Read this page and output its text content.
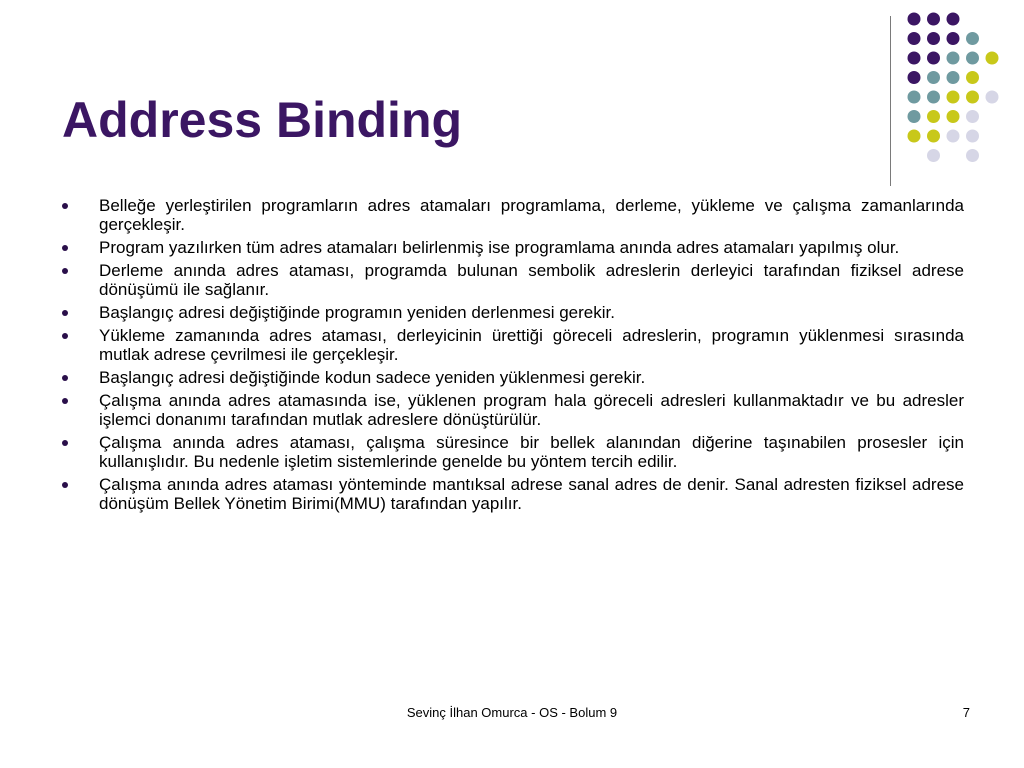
Address Binding
Belleğe yerleştirilen programların adres atamaları programlama, derleme, yükleme ve çalışma zamanlarında gerçekleşir.
Program yazılırken tüm adres atamaları belirlenmiş ise programlama anında adres atamaları yapılmış olur.
Derleme anında adres ataması, programda bulunan sembolik adreslerin derleyici tarafından fiziksel adrese dönüşümü ile sağlanır.
Başlangıç adresi değiştiğinde programın yeniden derlenmesi gerekir.
Yükleme zamanında adres ataması, derleyicinin ürettiği göreceli adreslerin, programın yüklenmesi sırasında mutlak adrese çevrilmesi ile gerçekleşir.
Başlangıç adresi değiştiğinde kodun sadece yeniden yüklenmesi gerekir.
Çalışma anında adres atamasında ise, yüklenen program hala göreceli adresleri kullanmaktadır ve bu adresler işlemci donanımı tarafından mutlak adreslere dönüştürülür.
Çalışma anında adres ataması, çalışma süresince bir bellek alanından diğerine taşınabilen prosesler için kullanışlıdır. Bu nedenle işletim sistemlerinde genelde bu yöntem tercih edilir.
Çalışma anında adres ataması yönteminde mantıksal adrese sanal adres de denir. Sanal adresten fiziksel adrese dönüşüm Bellek Yönetim Birimi(MMU) tarafından yapılır.
Sevinç İlhan Omurca - OS - Bolum 9	7
